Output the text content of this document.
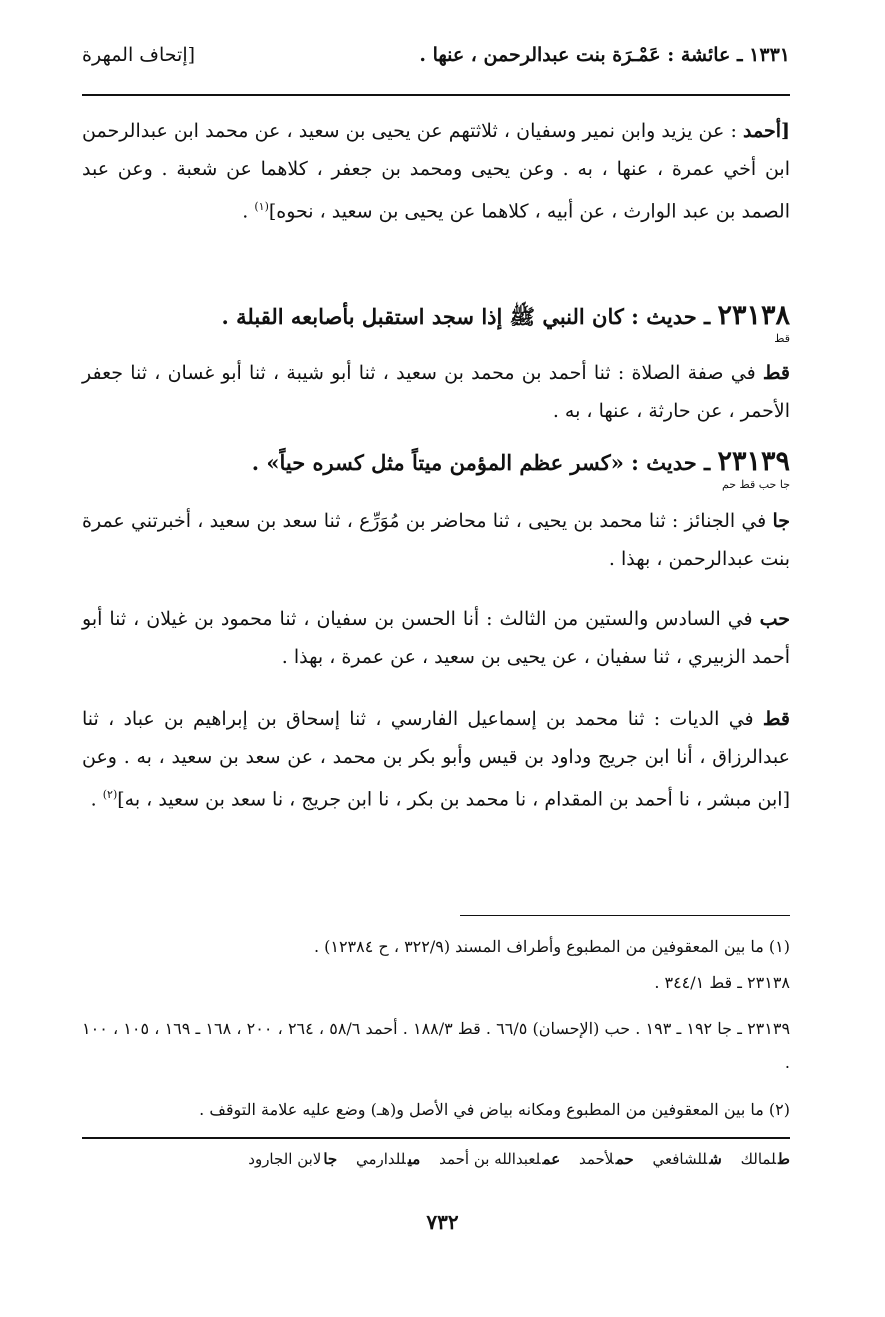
١٣٣١ ـ عائشة : عَمْـرَة بنت عبدالرحمن ، عنها .
[إتحاف المهرة
[أحمد : عن يزيد وابن نمير وسفيان ، ثلاثتهم عن يحيى بن سعيد ، عن محمد ابن عبدالرحمن ابن أخي عمرة ، عنها ، به . وعن يحيى ومحمد بن جعفر ، كلاهما عن شعبة . وعن عبد الصمد بن عبد الوارث ، عن أبيه ، كلاهما عن يحيى بن سعيد ، نحوه]$^{(١)}$ .
٢٣١٣٨ ـ حديث : كان النبي ﷺ إذا سجد استقبل بأصابعه القبلة .
قط
قط في صفة الصلاة : ثنا أحمد بن محمد بن سعيد ، ثنا أبو شيبة ، ثنا أبو غسان ، ثنا جعفر الأحمر ، عن حارثة ، عنها ، به .
٢٣١٣٩ ـ حديث : «كسر عظم المؤمن ميتاً مثل كسره حياً» .
جا حب قط حم
جا في الجنائز : ثنا محمد بن يحيى ، ثنا محاضر بن مُوَرِّع ، ثنا سعد بن سعيد ، أخبرتني عمرة بنت عبدالرحمن ، بهذا .
حب في السادس والستين من الثالث : أنا الحسن بن سفيان ، ثنا محمود بن غيلان ، ثنا أبو أحمد الزبيري ، ثنا سفيان ، عن يحيى بن سعيد ، عن عمرة ، بهذا .
قط في الديات : ثنا محمد بن إسماعيل الفارسي ، ثنا إسحاق بن إبراهيم بن عباد ، ثنا عبدالرزاق ، أنا ابن جريج وداود بن قيس وأبو بكر بن محمد ، عن سعد بن سعيد ، به . وعن [ابن مبشر ، نا أحمد بن المقدام ، نا محمد بن بكر ، نا ابن جريج ، نا سعد بن سعيد ، به]$^{(٢)}$ .
(١) ما بين المعقوفين من المطبوع وأطراف المسند (٣٢٢/٩ ، ح ١٢٣٨٤) .
٢٣١٣٨ ـ قط ٣٤٤/١ .
٢٣١٣٩ ـ جا ١٩٢ ـ ١٩٣ . حب (الإحسان) ٦٦/٥ . قط ١٨٨/٣ . أحمد ٥٨/٦ ، ٢٦٤ ، ٢٠٠ ، ١٦٨ ـ ١٦٩ ، ١٠٥ ، ١٠٠ .
(٢) ما بين المعقوفين من المطبوع ومكانه بياض في الأصل و(هـ) وضع عليه علامة التوقف .
طلمالك شللشافعي حملأحمد عملعبدالله بن أحمد ميللدارمي جالابن الجارود
٧٣٢
